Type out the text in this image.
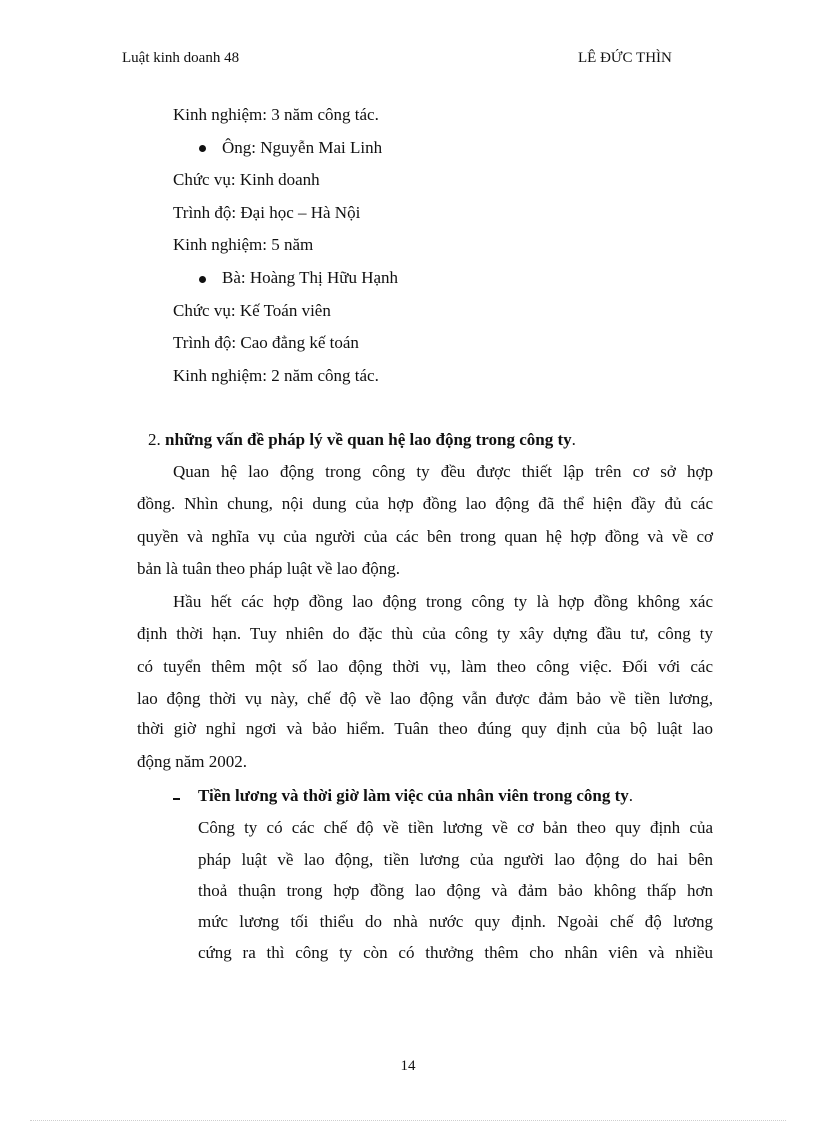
Luật kinh doanh 48	LÊ ĐỨC THÌN
Kinh nghiệm: 3 năm công tác.
Ông: Nguyễn Mai Linh
Chức vụ: Kinh doanh
Trình độ: Đại học – Hà Nội
Kinh nghiệm: 5 năm
Bà: Hoàng Thị Hữu Hạnh
Chức vụ: Kế Toán viên
Trình độ: Cao đẳng kế toán
Kinh nghiệm: 2 năm công tác.
2. những vấn đề pháp lý về quan hệ lao động trong công ty.
Quan hệ lao động trong công ty đều được thiết lập trên cơ sở hợp
đồng. Nhìn chung, nội dung của hợp đồng lao động đã thể hiện đầy đủ các
quyền và nghĩa vụ của người của các bên trong quan hệ hợp đồng và về cơ
bản là tuân theo pháp luật về lao động.
Hầu hết các hợp đồng lao động trong công ty là hợp đồng không xác
định thời hạn. Tuy nhiên do đặc thù của công ty xây dựng đầu tư, công ty
có tuyển thêm một số lao động thời vụ, làm theo công việc. Đối với các
lao động thời vụ này, chế độ về lao động vẫn được đảm bảo về tiền lương,
thời giờ nghỉ ngơi và bảo hiểm. Tuân theo đúng quy định của bộ luật lao
động năm 2002.
Tiền lương và thời giờ làm việc của nhân viên trong công ty.
Công ty có các chế độ về tiền lương về cơ bản theo quy định của
pháp luật về lao động, tiền lương của người lao động do hai bên
thoả thuận trong hợp đồng lao động và đảm bảo không thấp hơn
mức lương tối thiểu do nhà nước quy định. Ngoài chế độ lương
cứng ra thì công ty còn có thưởng thêm cho nhân viên và nhiều
14
